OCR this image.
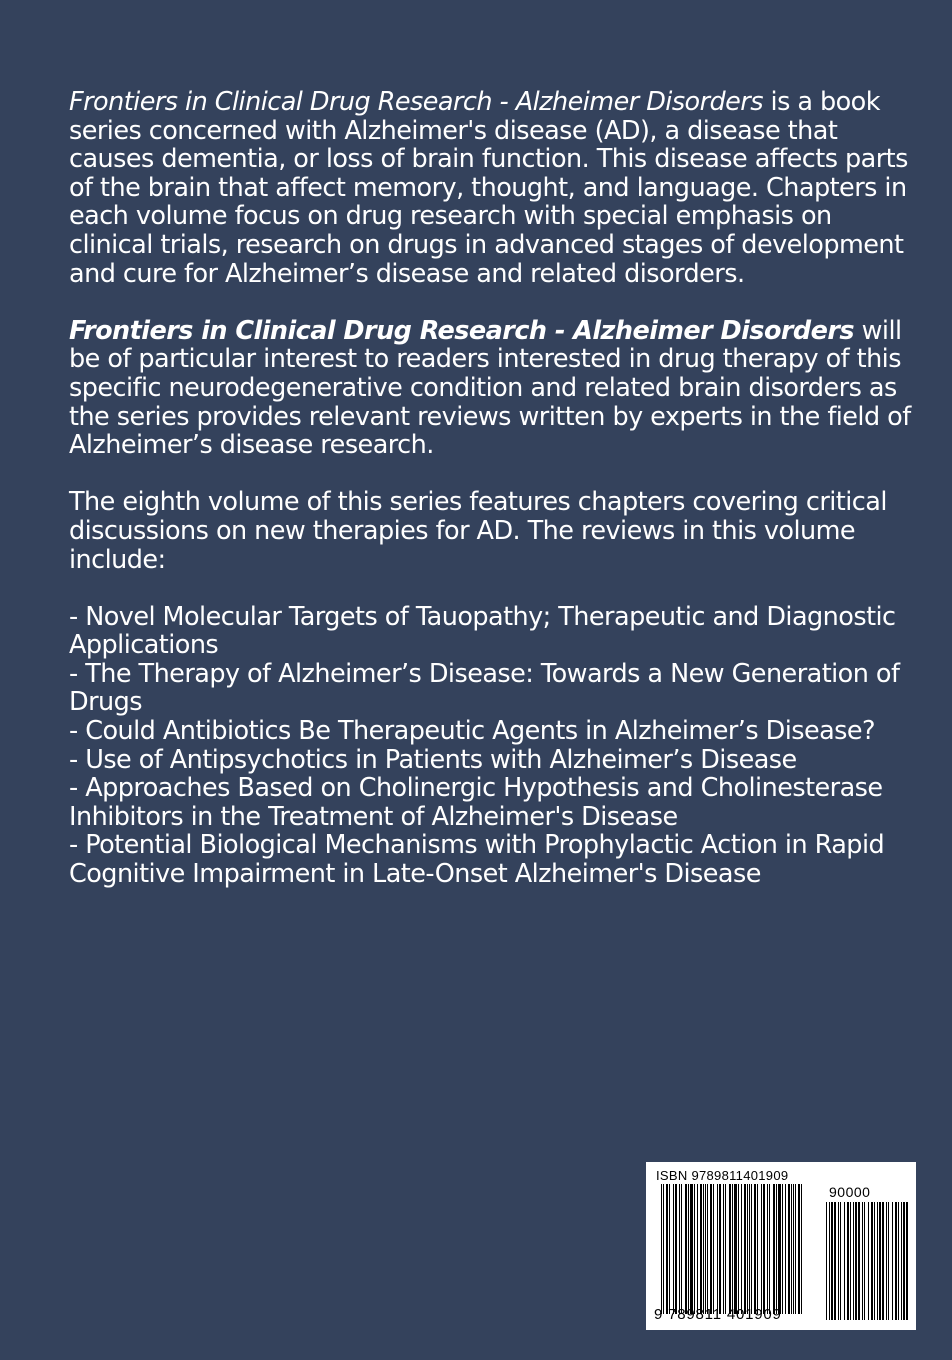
Frontiers in Clinical Drug Research - Alzheimer Disorders is a book series concerned with Alzheimer's disease (AD), a disease that causes dementia, or loss of brain function. This disease affects parts of the brain that affect memory, thought, and language. Chapters in each volume focus on drug research with special emphasis on clinical trials, research on drugs in advanced stages of development and cure for Alzheimer’s disease and related disorders.

Frontiers in Clinical Drug Research - Alzheimer Disorders will be of particular interest to readers interested in drug therapy of this specific neurodegenerative condition and related brain disorders as the series provides relevant reviews written by experts in the field of Alzheimer’s disease research.

The eighth volume of this series features chapters covering critical discussions on new therapies for AD. The reviews in this volume include:

- Novel Molecular Targets of Tauopathy; Therapeutic and Diagnostic Applications
- The Therapy of Alzheimer’s Disease: Towards a New Generation of Drugs
- Could Antibiotics Be Therapeutic Agents in Alzheimer’s Disease?
- Use of Antipsychotics in Patients with Alzheimer’s Disease
- Approaches Based on Cholinergic Hypothesis and Cholinesterase Inhibitors in the Treatment of Alzheimer's Disease
- Potential Biological Mechanisms with Prophylactic Action in Rapid Cognitive Impairment in Late-Onset Alzheimer's Disease
ISBN 9789811401909
90000
9 789811 401909
